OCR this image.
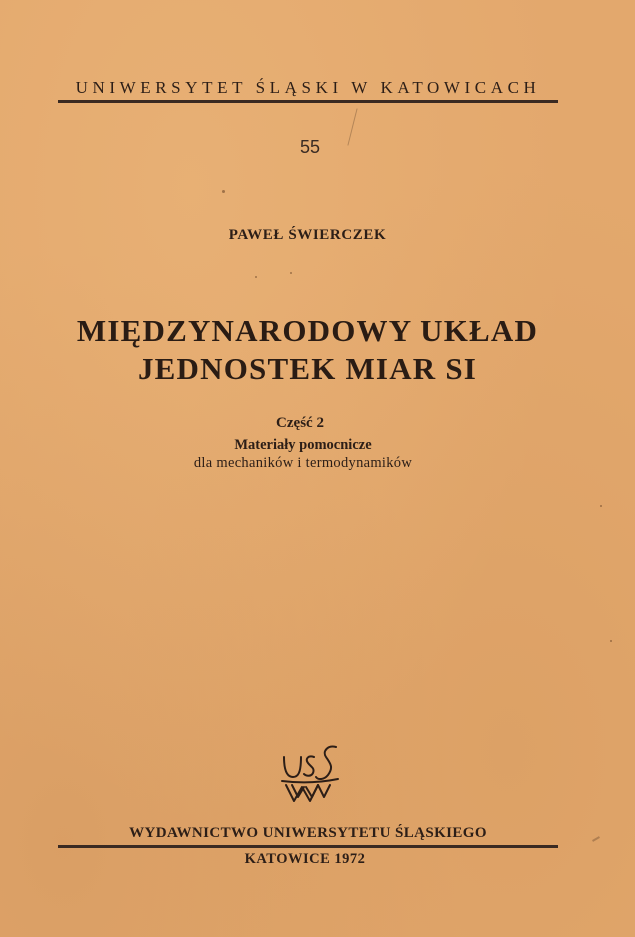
UNIWERSYTET ŚLĄSKI W KATOWICACH
55
PAWEŁ ŚWIERCZEK
MIĘDZYNARODOWY UKŁAD
JEDNOSTEK MIAR SI
Część 2
Materiały pomocnicze
dla mechaników i termodynamików
WYDAWNICTWO UNIWERSYTETU ŚLĄSKIEGO
KATOWICE 1972
